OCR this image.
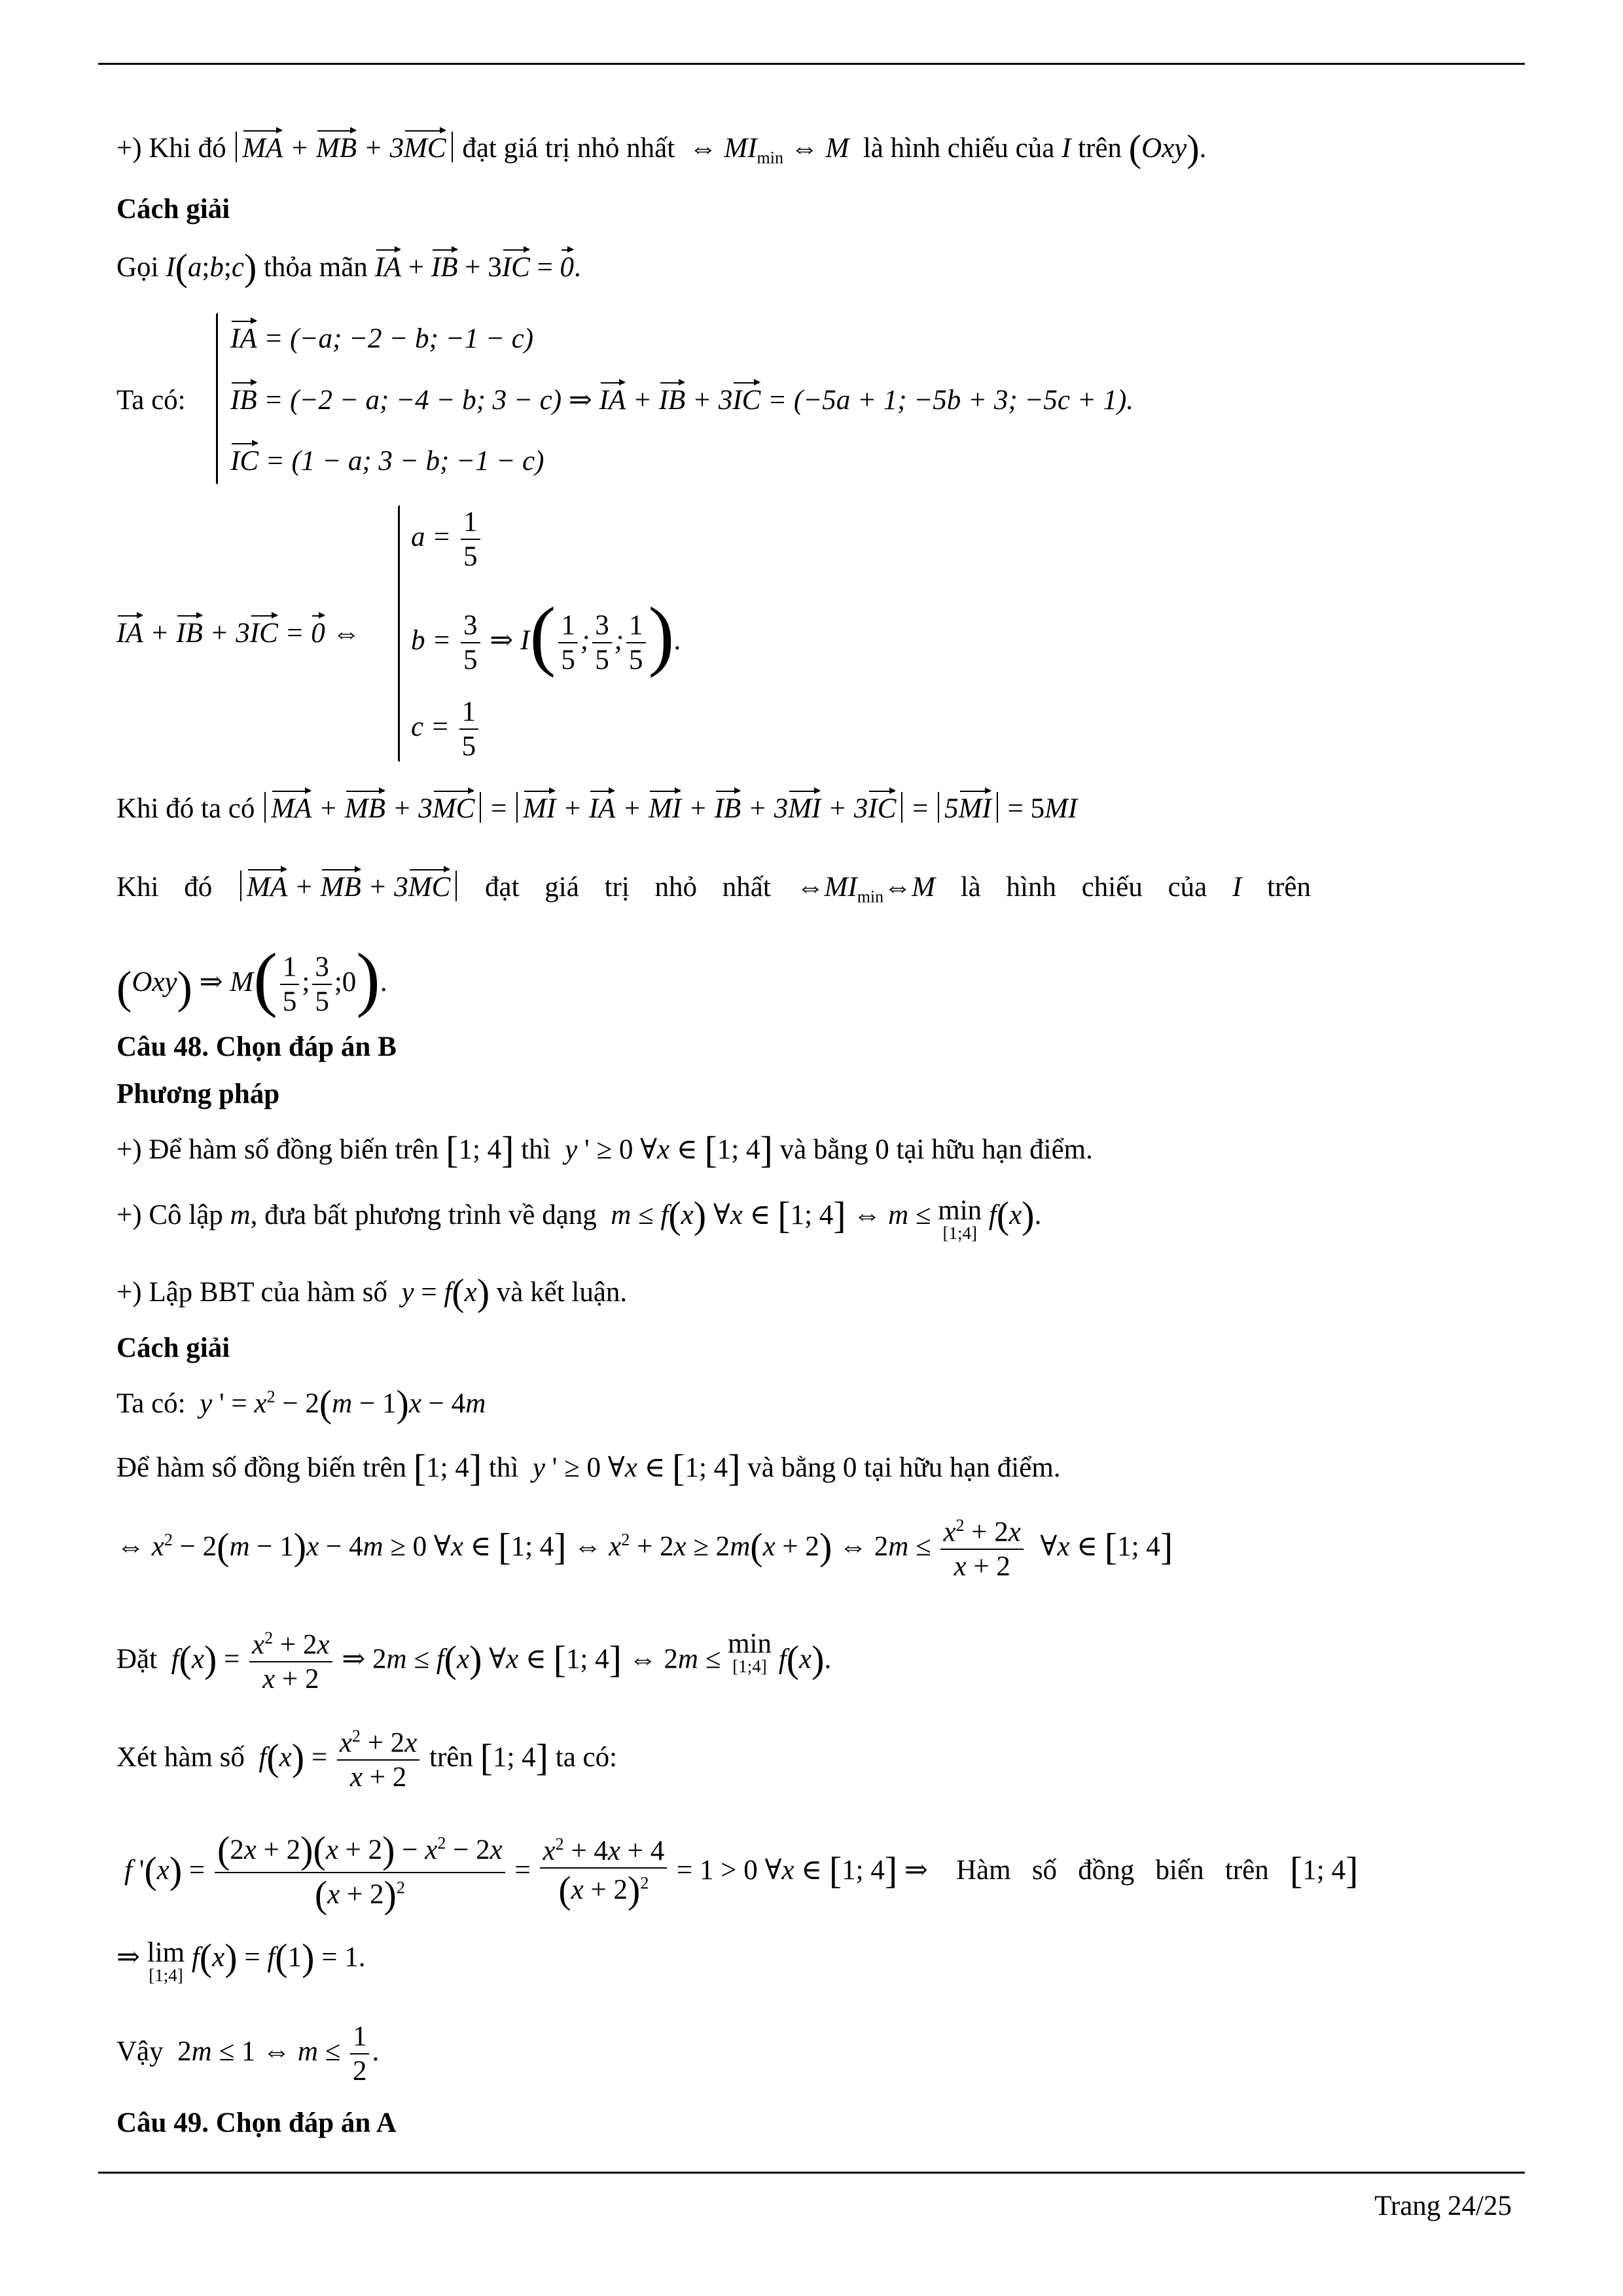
+) Khi đó MA + MB + 3MC đạt giá trị nhỏ nhất  ⇔ $MI_{min}$ ⇔ M là hình chiếu của I trên (Oxy).
Cách giải
Gọi I(a;b;c) thỏa mãn IA + IB + 3IC = 0.
Ta có:
IA = (−a; −2 − b; −1 − c)
IB = (−2 − a; −4 − b; 3 − c) ⇒ IA + IB + 3IC = (−5a + 1; −5b + 3; −5c + 1).
IC = (1 − a; 3 − b; −1 − c)
IA + IB + 3IC = 0 ⇔
$a = \frac{1}{5}$
$b = \frac{3}{5}$ ⇒ $I( \frac{1}{5}$ ; $\frac{3}{5}$ ; $\frac{1}{5}$ ).
$c = \frac{1}{5}$
Khi đó ta có MA + MB + 3MC = MI + IA + MI + IB + 3MI + 3IC = 5MI = 5MI
Khi đó MA + MB + 3MC đạt giá trị nhỏ nhất $\Leftrightarrow MI_{min}\Leftrightarrow M$ là hình chiếu của I trên
(Oxy) ⇒ $M( \frac{1}{5}$ ; $\frac{3}{5}$ ;0).
Câu 48. Chọn đáp án B
Phương pháp
+) Để hàm số đồng biến trên [1; 4] thì y ' ≥ 0 ∀x ∈ [1; 4] và bằng 0 tại hữu hạn điểm.
+) Cô lập m, đưa bất phương trình về dạng m ≤ f(x) ∀x ∈ [1; 4] ⇔ m ≤ min
[1;4]
f(x).
+) Lập BBT của hàm số y = f(x) và kết luận.
Cách giải
Ta có: y ' = $x^2 - 2(m - 1)x - 4m$
Để hàm số đồng biến trên [1; 4] thì y ' ≥ 0 ∀x ∈ [1; 4] và bằng 0 tại hữu hạn điểm.
⇔ $x^2 - 2(m - 1)x - 4m \ge 0$ ∀x ∈ [1; 4] ⇔ $x^2 + 2x \ge 2m(x + 2)$ ⇔ $2m \le \frac{x^2 + 2x}{x + 2}$ ∀x ∈ [1; 4]
Đặt $f(x) = \frac{x^2 + 2x}{x + 2}$ ⇒ 2m ≤ f(x) ∀x ∈ [1; 4] ⇔ 2m ≤
min
[1;4] f(x).
Xét hàm số $f(x) = \frac{x^2 + 2x}{x + 2}$ trên [1; 4] ta có:
f '$(x) = \frac{(2x + 2)(x + 2) - x^2 - 2x}{(x + 2)^2} = \frac{x^2 + 4x + 4}{(x + 2)^2} = 1 > 0$ ∀x ∈ [1; 4] ⇒    Hàm   số   đồng   biến   trên [1; 4]
⇒ lim
[1;4]
f(x) = f(1) = 1.
Vậy  2m ≤ 1 ⇔ $m \le \frac{1}{2}$ .
Câu 49. Chọn đáp án A
Trang 24/25
